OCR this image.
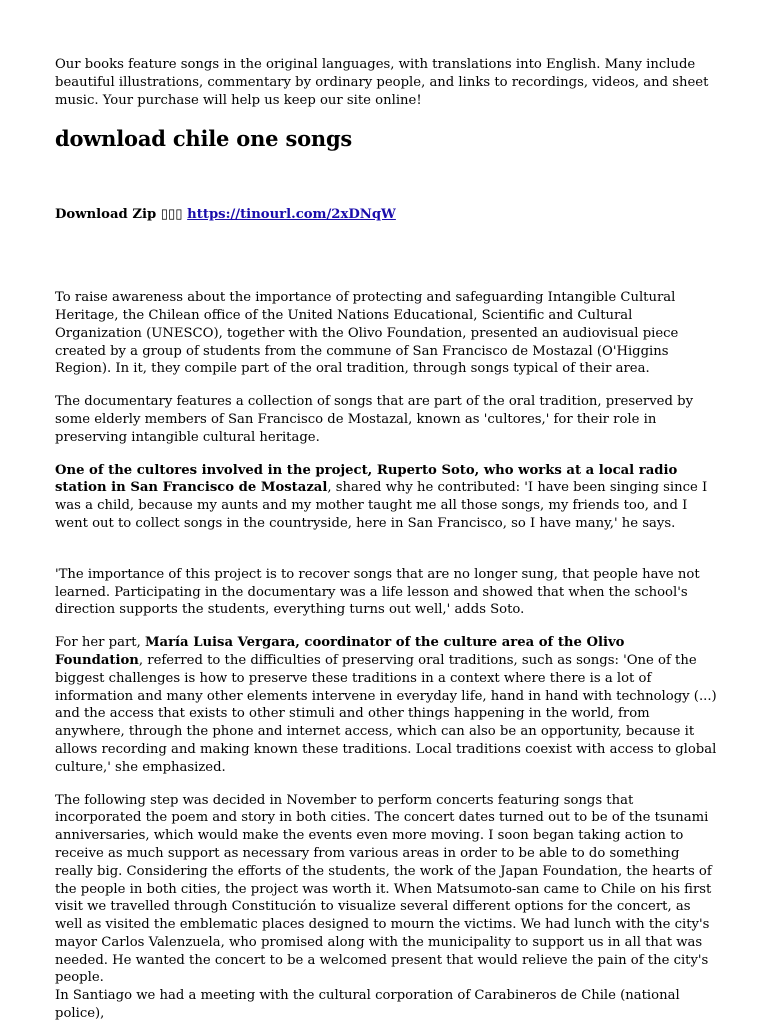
Our books feature songs in the original languages, with translations into English. Many include beautiful illustrations, commentary by ordinary people, and links to recordings, videos, and sheet music. Your purchase will help us keep our site online!

download chile one songs

Download Zip ▯▯▯ https://tinourl.com/2xDNqW

To raise awareness about the importance of protecting and safeguarding Intangible Cultural Heritage, the Chilean office of the United Nations Educational, Scientific and Cultural Organization (UNESCO), together with the Olivo Foundation, presented an audiovisual piece created by a group of students from the commune of San Francisco de Mostazal (O'Higgins Region). In it, they compile part of the oral tradition, through songs typical of their area.

The documentary features a collection of songs that are part of the oral tradition, preserved by some elderly members of San Francisco de Mostazal, known as 'cultores,' for their role in preserving intangible cultural heritage.

One of the cultores involved in the project, Ruperto Soto, who works at a local radio station in San Francisco de Mostazal, shared why he contributed: 'I have been singing since I was a child, because my aunts and my mother taught me all those songs, my friends too, and I went out to collect songs in the countryside, here in San Francisco, so I have many,' he says.

'The importance of this project is to recover songs that are no longer sung, that people have not learned. Participating in the documentary was a life lesson and showed that when the school's direction supports the students, everything turns out well,' adds Soto.

For her part, María Luisa Vergara, coordinator of the culture area of the Olivo Foundation, referred to the difficulties of preserving oral traditions, such as songs: 'One of the biggest challenges is how to preserve these traditions in a context where there is a lot of information and many other elements intervene in everyday life, hand in hand with technology (...) and the access that exists to other stimuli and other things happening in the world, from anywhere, through the phone and internet access, which can also be an opportunity, because it allows recording and making known these traditions. Local traditions coexist with access to global culture,' she emphasized.

The following step was decided in November to perform concerts featuring songs that incorporated the poem and story in both cities. The concert dates turned out to be of the tsunami anniversaries, which would make the events even more moving. I soon began taking action to receive as much support as necessary from various areas in order to be able to do something really big. Considering the efforts of the students, the work of the Japan Foundation, the hearts of the people in both cities, the project was worth it. When Matsumoto-san came to Chile on his first visit we travelled through Constitución to visualize several different options for the concert, as well as visited the emblematic places designed to mourn the victims. We had lunch with the city's mayor Carlos Valenzuela, who promised along with the municipality to support us in all that was needed. He wanted the concert to be a welcomed present that would relieve the pain of the city's people.

In Santiago we had a meeting with the cultural corporation of Carabineros de Chile (national police),
